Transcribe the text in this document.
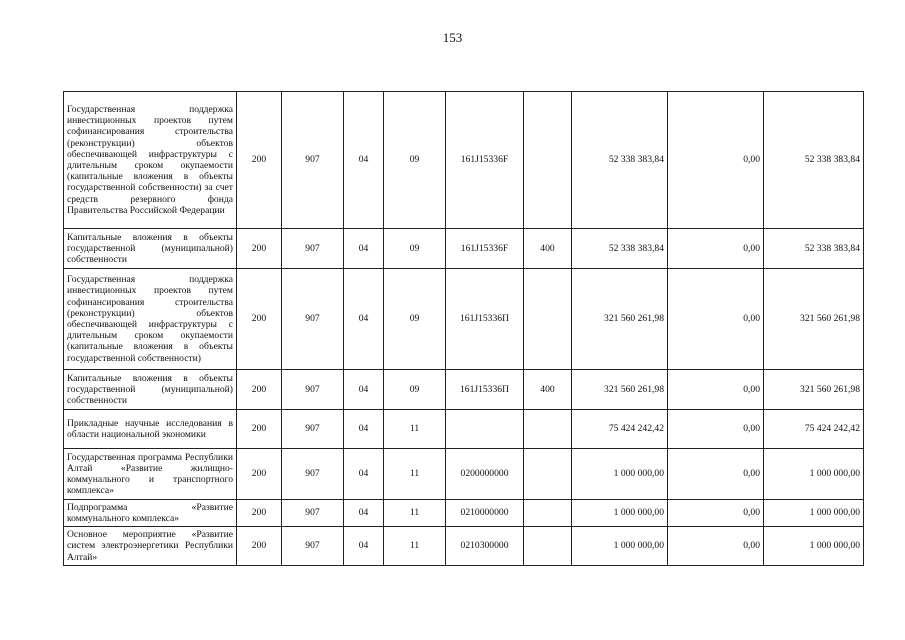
153
Государственная поддержка инвестиционных проектов путем софинансирования строительства (реконструкции) объектов обеспечивающей инфраструктуры с длительным сроком окупаемости (капитальные вложения в объекты государственной собственности) за счет средств резервного фонда Правительства Российской Федерации	200	907	04	09	161J15336F		52 338 383,84	0,00	52 338 383,84
Капитальные вложения в объекты государственной (муниципальной) собственности	200	907	04	09	161J15336F	400	52 338 383,84	0,00	52 338 383,84
Государственная поддержка инвестиционных проектов путем софинансирования строительства (реконструкции) объектов обеспечивающей инфраструктуры с длительным сроком окупаемости (капитальные вложения в объекты государственной собственности)	200	907	04	09	161J15336П		321 560 261,98	0,00	321 560 261,98
Капитальные вложения в объекты государственной (муниципальной) собственности	200	907	04	09	161J15336П	400	321 560 261,98	0,00	321 560 261,98
Прикладные научные исследования в области национальной экономики	200	907	04	11			75 424 242,42	0,00	75 424 242,42
Государственная программа Республики Алтай «Развитие жилищно-коммунального и транспортного комплекса»	200	907	04	11	0200000000		1 000 000,00	0,00	1 000 000,00
Подпрограмма «Развитие коммунального комплекса»	200	907	04	11	0210000000		1 000 000,00	0,00	1 000 000,00
Основное мероприятие «Развитие систем электроэнергетики Республики Алтай»	200	907	04	11	0210300000		1 000 000,00	0,00	1 000 000,00
